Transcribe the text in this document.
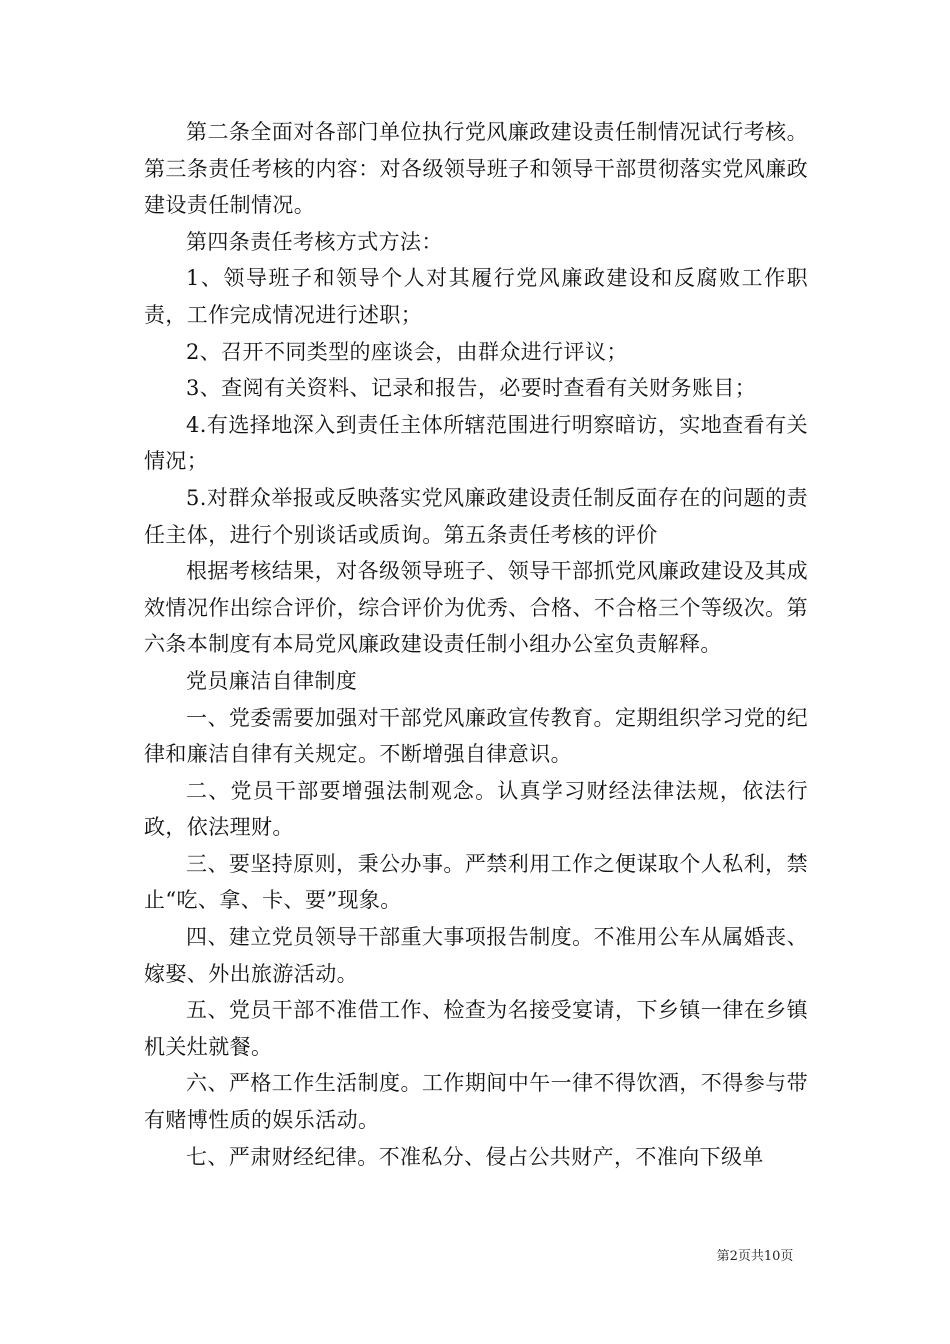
第二条全面对各部门单位执行党风廉政建设责任制情况试行考核。第三条责任考核的内容：对各级领导班子和领导干部贯彻落实党风廉政建设责任制情况。

第四条责任考核方式方法：

1、领导班子和领导个人对其履行党风廉政建设和反腐败工作职责，工作完成情况进行述职；

2、召开不同类型的座谈会，由群众进行评议；

3、查阅有关资料、记录和报告，必要时查看有关财务账目；

4.有选择地深入到责任主体所辖范围进行明察暗访，实地查看有关情况；

5.对群众举报或反映落实党风廉政建设责任制反面存在的问题的责任主体，进行个别谈话或质询。第五条责任考核的评价

根据考核结果，对各级领导班子、领导干部抓党风廉政建设及其成效情况作出综合评价，综合评价为优秀、合格、不合格三个等级次。第六条本制度有本局党风廉政建设责任制小组办公室负责解释。

党员廉洁自律制度

一、党委需要加强对干部党风廉政宣传教育。定期组织学习党的纪律和廉洁自律有关规定。不断增强自律意识。

二、党员干部要增强法制观念。认真学习财经法律法规，依法行政，依法理财。

三、要坚持原则，秉公办事。严禁利用工作之便谋取个人私利，禁止“吃、拿、卡、要”现象。

四、建立党员领导干部重大事项报告制度。不准用公车从属婚丧、嫁娶、外出旅游活动。

五、党员干部不准借工作、检查为名接受宴请，下乡镇一律在乡镇机关灶就餐。

六、严格工作生活制度。工作期间中午一律不得饮酒，不得参与带有赌博性质的娱乐活动。

七、严肃财经纪律。不准私分、侵占公共财产，不准向下级单

第2页共10页
